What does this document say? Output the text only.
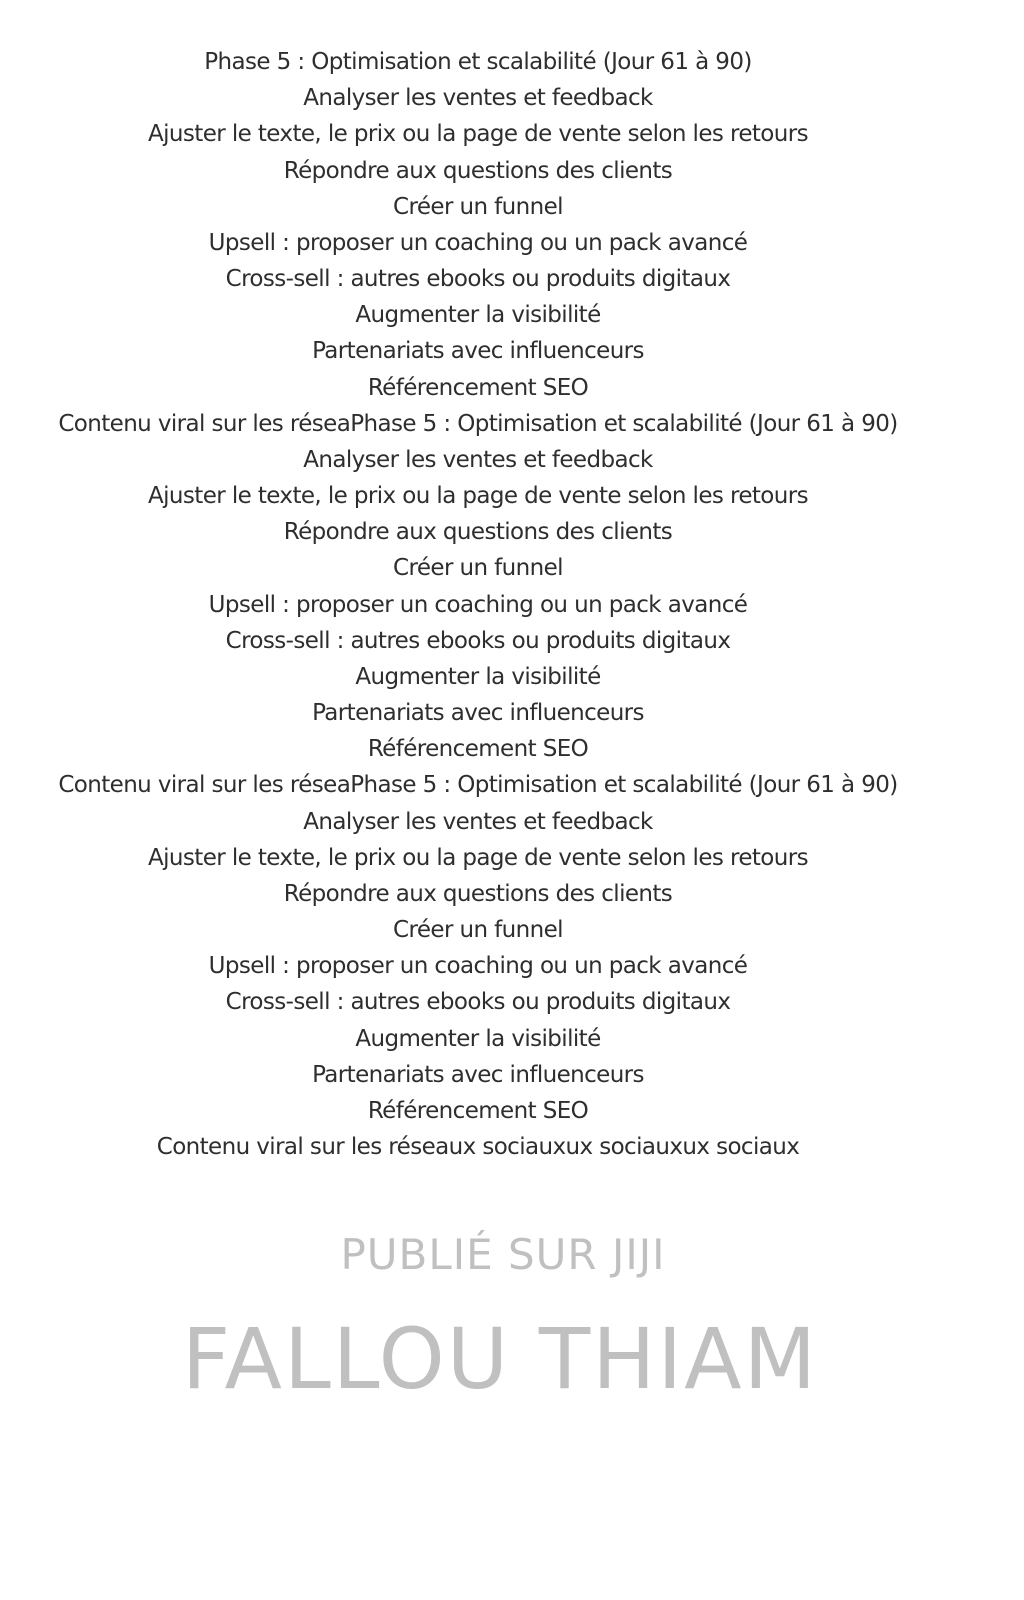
Phase 5 : Optimisation et scalabilité (Jour 61 à 90)
Analyser les ventes et feedback
Ajuster le texte, le prix ou la page de vente selon les retours
Répondre aux questions des clients
Créer un funnel
Upsell : proposer un coaching ou un pack avancé
Cross-sell : autres ebooks ou produits digitaux
Augmenter la visibilité
Partenariats avec influenceurs
Référencement SEO
Contenu viral sur les réseaPhase 5 : Optimisation et scalabilité (Jour 61 à 90)
Analyser les ventes et feedback
Ajuster le texte, le prix ou la page de vente selon les retours
Répondre aux questions des clients
Créer un funnel
Upsell : proposer un coaching ou un pack avancé
Cross-sell : autres ebooks ou produits digitaux
Augmenter la visibilité
Partenariats avec influenceurs
Référencement SEO
Contenu viral sur les réseaPhase 5 : Optimisation et scalabilité (Jour 61 à 90)
Analyser les ventes et feedback
Ajuster le texte, le prix ou la page de vente selon les retours
Répondre aux questions des clients
Créer un funnel
Upsell : proposer un coaching ou un pack avancé
Cross-sell : autres ebooks ou produits digitaux
Augmenter la visibilité
Partenariats avec influenceurs
Référencement SEO
Contenu viral sur les réseaux sociauxux sociauxux sociaux
PUBLIÉ SUR JIJI
FALLOU THIAM
